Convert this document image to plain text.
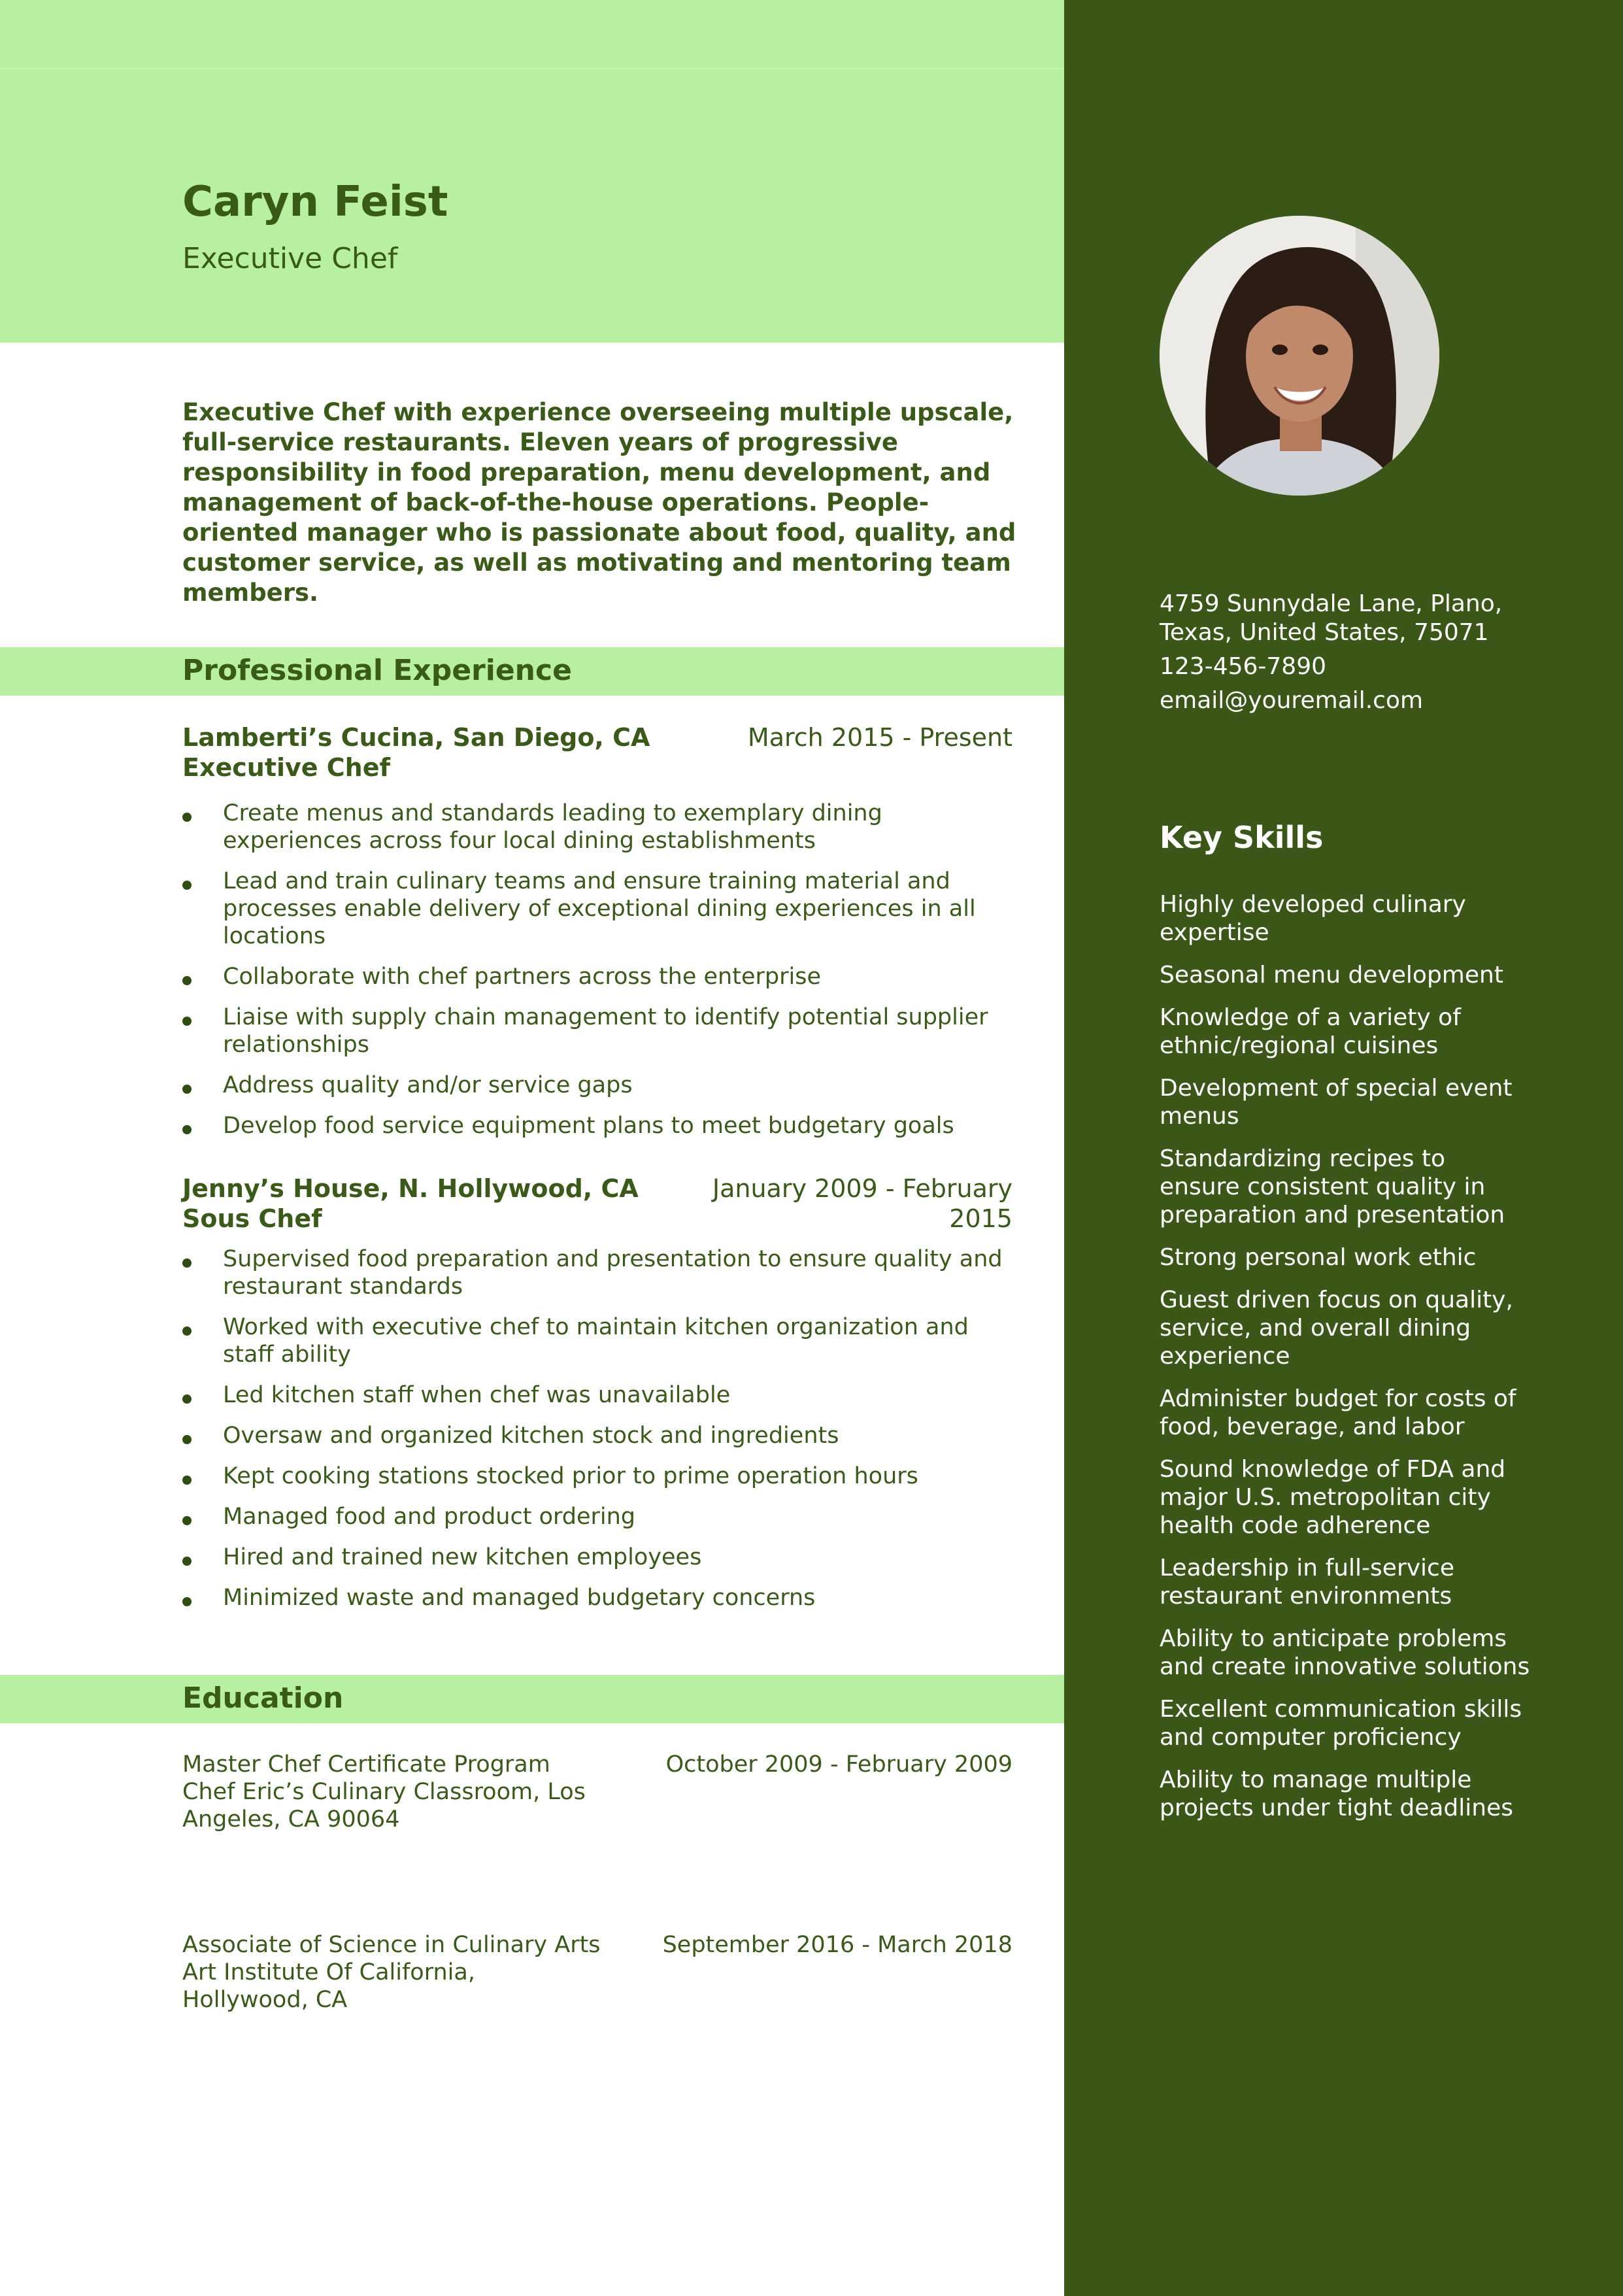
Caryn Feist
Executive Chef
Executive Chef with experience overseeing multiple upscale, full-service restaurants. Eleven years of progressive responsibility in food preparation, menu development, and management of back-of-the-house operations. People-oriented manager who is passionate about food, quality, and customer service, as well as motivating and mentoring team members.
Professional Experience
Lamberti’s Cucina, San Diego, CA
Executive Chef
March 2015 - Present
Create menus and standards leading to exemplary dining experiences across four local dining establishments
Lead and train culinary teams and ensure training material and processes enable delivery of exceptional dining experiences in all locations
Collaborate with chef partners across the enterprise
Liaise with supply chain management to identify potential supplier relationships
Address quality and/or service gaps
Develop food service equipment plans to meet budgetary goals
Jenny’s House, N. Hollywood, CA
Sous Chef
January 2009 - February 2015
Supervised food preparation and presentation to ensure quality and restaurant standards
Worked with executive chef to maintain kitchen organization and staff ability
Led kitchen staff when chef was unavailable
Oversaw and organized kitchen stock and ingredients
Kept cooking stations stocked prior to prime operation hours
Managed food and product ordering
Hired and trained new kitchen employees
Minimized waste and managed budgetary concerns
Education
Master Chef Certificate Program
Chef Eric’s Culinary Classroom, Los Angeles, CA 90064
October 2009 - February 2009
Associate of Science in Culinary Arts
Art Institute Of California, Hollywood, CA
September 2016 - March 2018
4759 Sunnydale Lane, Plano, Texas, United States, 75071
123-456-7890
email@youremail.com
Key Skills
Highly developed culinary expertise
Seasonal menu development
Knowledge of a variety of ethnic/regional cuisines
Development of special event menus
Standardizing recipes to ensure consistent quality in preparation and presentation
Strong personal work ethic
Guest driven focus on quality, service, and overall dining experience
Administer budget for costs of food, beverage, and labor
Sound knowledge of FDA and major U.S. metropolitan city health code adherence
Leadership in full-service restaurant environments
Ability to anticipate problems and create innovative solutions
Excellent communication skills and computer proficiency
Ability to manage multiple projects under tight deadlines
